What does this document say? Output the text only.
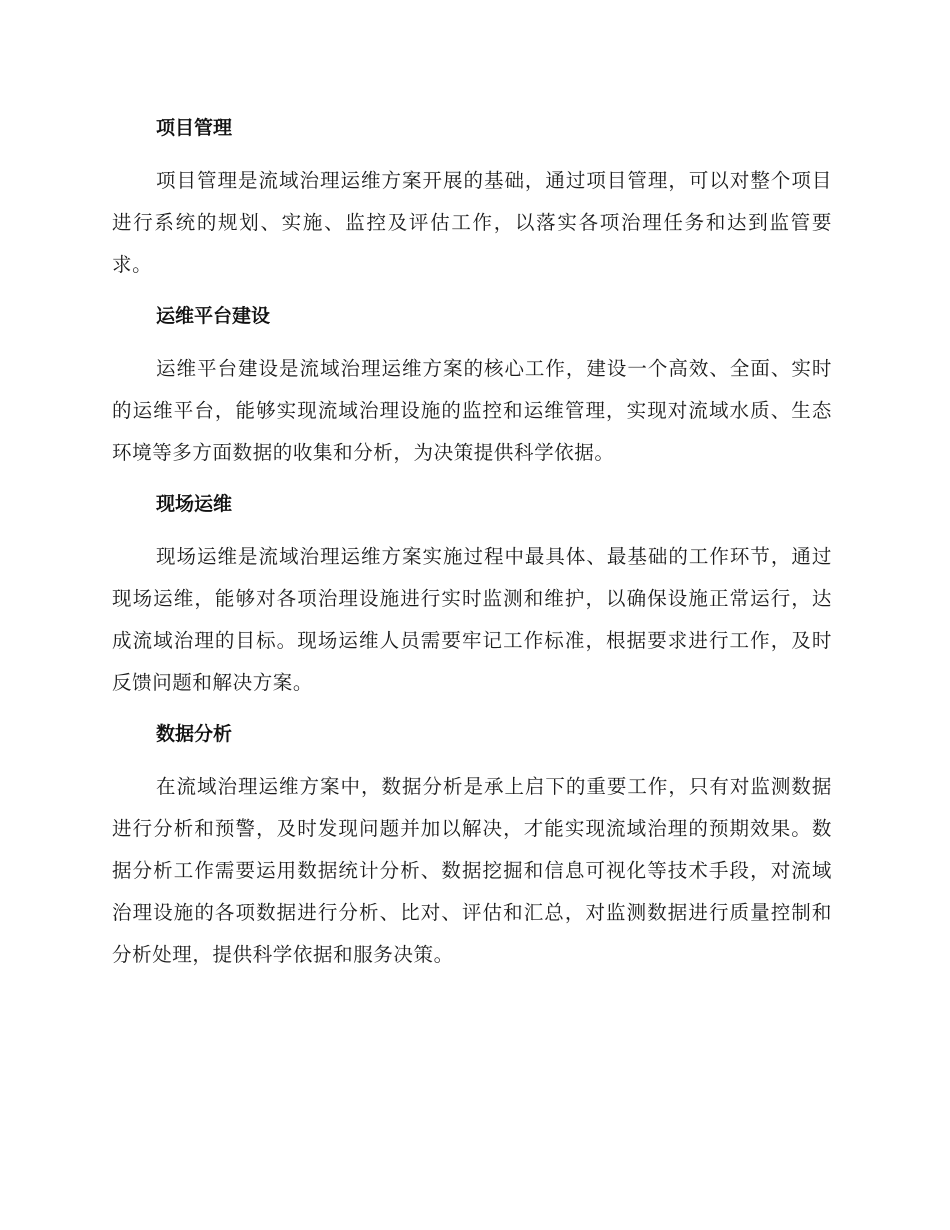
项目管理

项目管理是流域治理运维方案开展的基础，通过项目管理，可以对整个项目进行系统的规划、实施、监控及评估工作，以落实各项治理任务和达到监管要求。

运维平台建设

运维平台建设是流域治理运维方案的核心工作，建设一个高效、全面、实时的运维平台，能够实现流域治理设施的监控和运维管理，实现对流域水质、生态环境等多方面数据的收集和分析，为决策提供科学依据。

现场运维

现场运维是流域治理运维方案实施过程中最具体、最基础的工作环节，通过现场运维，能够对各项治理设施进行实时监测和维护，以确保设施正常运行，达成流域治理的目标。现场运维人员需要牢记工作标准，根据要求进行工作，及时反馈问题和解决方案。

数据分析

在流域治理运维方案中，数据分析是承上启下的重要工作，只有对监测数据进行分析和预警，及时发现问题并加以解决，才能实现流域治理的预期效果。数据分析工作需要运用数据统计分析、数据挖掘和信息可视化等技术手段，对流域治理设施的各项数据进行分析、比对、评估和汇总，对监测数据进行质量控制和分析处理，提供科学依据和服务决策。
